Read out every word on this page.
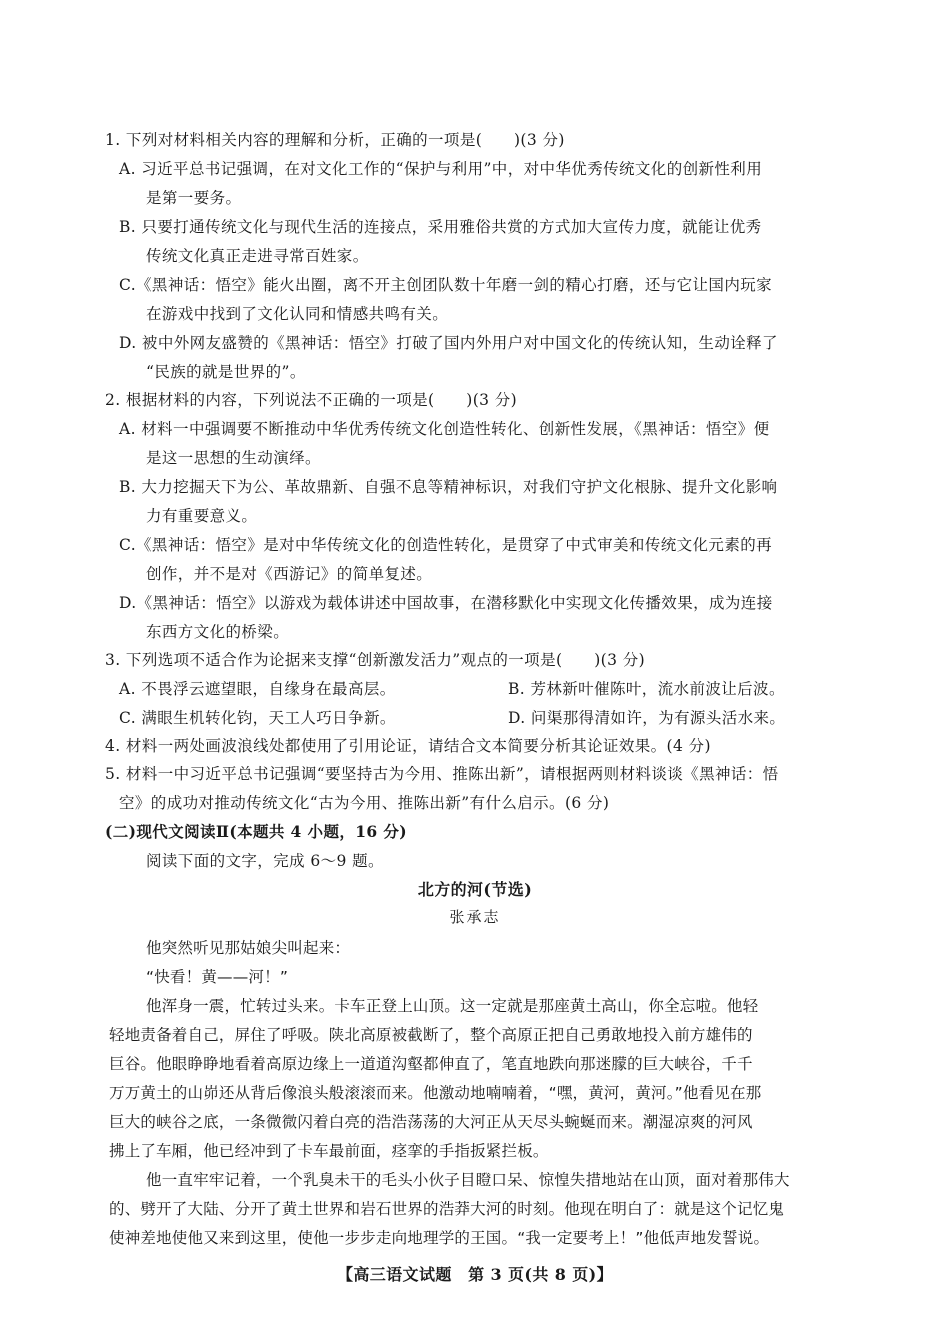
1. 下列对材料相关内容的理解和分析，正确的一项是(　　)(3 分)
A. 习近平总书记强调，在对文化工作的“保护与利用”中，对中华优秀传统文化的创新性利用
是第一要务。
B. 只要打通传统文化与现代生活的连接点，采用雅俗共赏的方式加大宣传力度，就能让优秀
传统文化真正走进寻常百姓家。
C.《黑神话：悟空》能火出圈，离不开主创团队数十年磨一剑的精心打磨，还与它让国内玩家
在游戏中找到了文化认同和情感共鸣有关。
D. 被中外网友盛赞的《黑神话：悟空》打破了国内外用户对中国文化的传统认知，生动诠释了
“民族的就是世界的”。
2. 根据材料的内容，下列说法不正确的一项是(　　)(3 分)
A. 材料一中强调要不断推动中华优秀传统文化创造性转化、创新性发展，《黑神话：悟空》便
是这一思想的生动演绎。
B. 大力挖掘天下为公、革故鼎新、自强不息等精神标识，对我们守护文化根脉、提升文化影响
力有重要意义。
C.《黑神话：悟空》是对中华传统文化的创造性转化，是贯穿了中式审美和传统文化元素的再
创作，并不是对《西游记》的简单复述。
D.《黑神话：悟空》以游戏为载体讲述中国故事，在潜移默化中实现文化传播效果，成为连接
东西方文化的桥梁。
3. 下列选项不适合作为论据来支撑“创新激发活力”观点的一项是(　　)(3 分)
A. 不畏浮云遮望眼，自缘身在最高层。	B. 芳林新叶催陈叶，流水前波让后波。
C. 满眼生机转化钧，天工人巧日争新。	D. 问渠那得清如许，为有源头活水来。
4. 材料一两处画波浪线处都使用了引用论证，请结合文本简要分析其论证效果。(4 分)
5. 材料一中习近平总书记强调“要坚持古为今用、推陈出新”，请根据两则材料谈谈《黑神话：悟
空》的成功对推动传统文化“古为今用、推陈出新”有什么启示。(6 分)
(二)现代文阅读Ⅱ(本题共 4 小题，16 分)
阅读下面的文字，完成 6～9 题。
北方的河(节选)
张承志
他突然听见那姑娘尖叫起来：
“快看！黄——河！”
他浑身一震，忙转过头来。卡车正登上山顶。这一定就是那座黄土高山，你全忘啦。他轻
轻地责备着自己，屏住了呼吸。陕北高原被截断了，整个高原正把自己勇敢地投入前方雄伟的
巨谷。他眼睁睁地看着高原边缘上一道道沟壑都伸直了，笔直地跌向那迷朦的巨大峡谷，千千
万万黄土的山峁还从背后像浪头般滚滚而来。他激动地喃喃着，“嘿，黄河，黄河。”他看见在那
巨大的峡谷之底，一条微微闪着白亮的浩浩荡荡的大河正从天尽头蜿蜒而来。潮湿凉爽的河风
拂上了车厢，他已经冲到了卡车最前面，痉挛的手指扳紧拦板。
他一直牢牢记着，一个乳臭未干的毛头小伙子目瞪口呆、惊惶失措地站在山顶，面对着那伟大
的、劈开了大陆、分开了黄土世界和岩石世界的浩莽大河的时刻。他现在明白了：就是这个记忆鬼
使神差地使他又来到这里，使他一步步走向地理学的王国。“我一定要考上！”他低声地发誓说。
【高三语文试题　第 3 页(共 8 页)】
